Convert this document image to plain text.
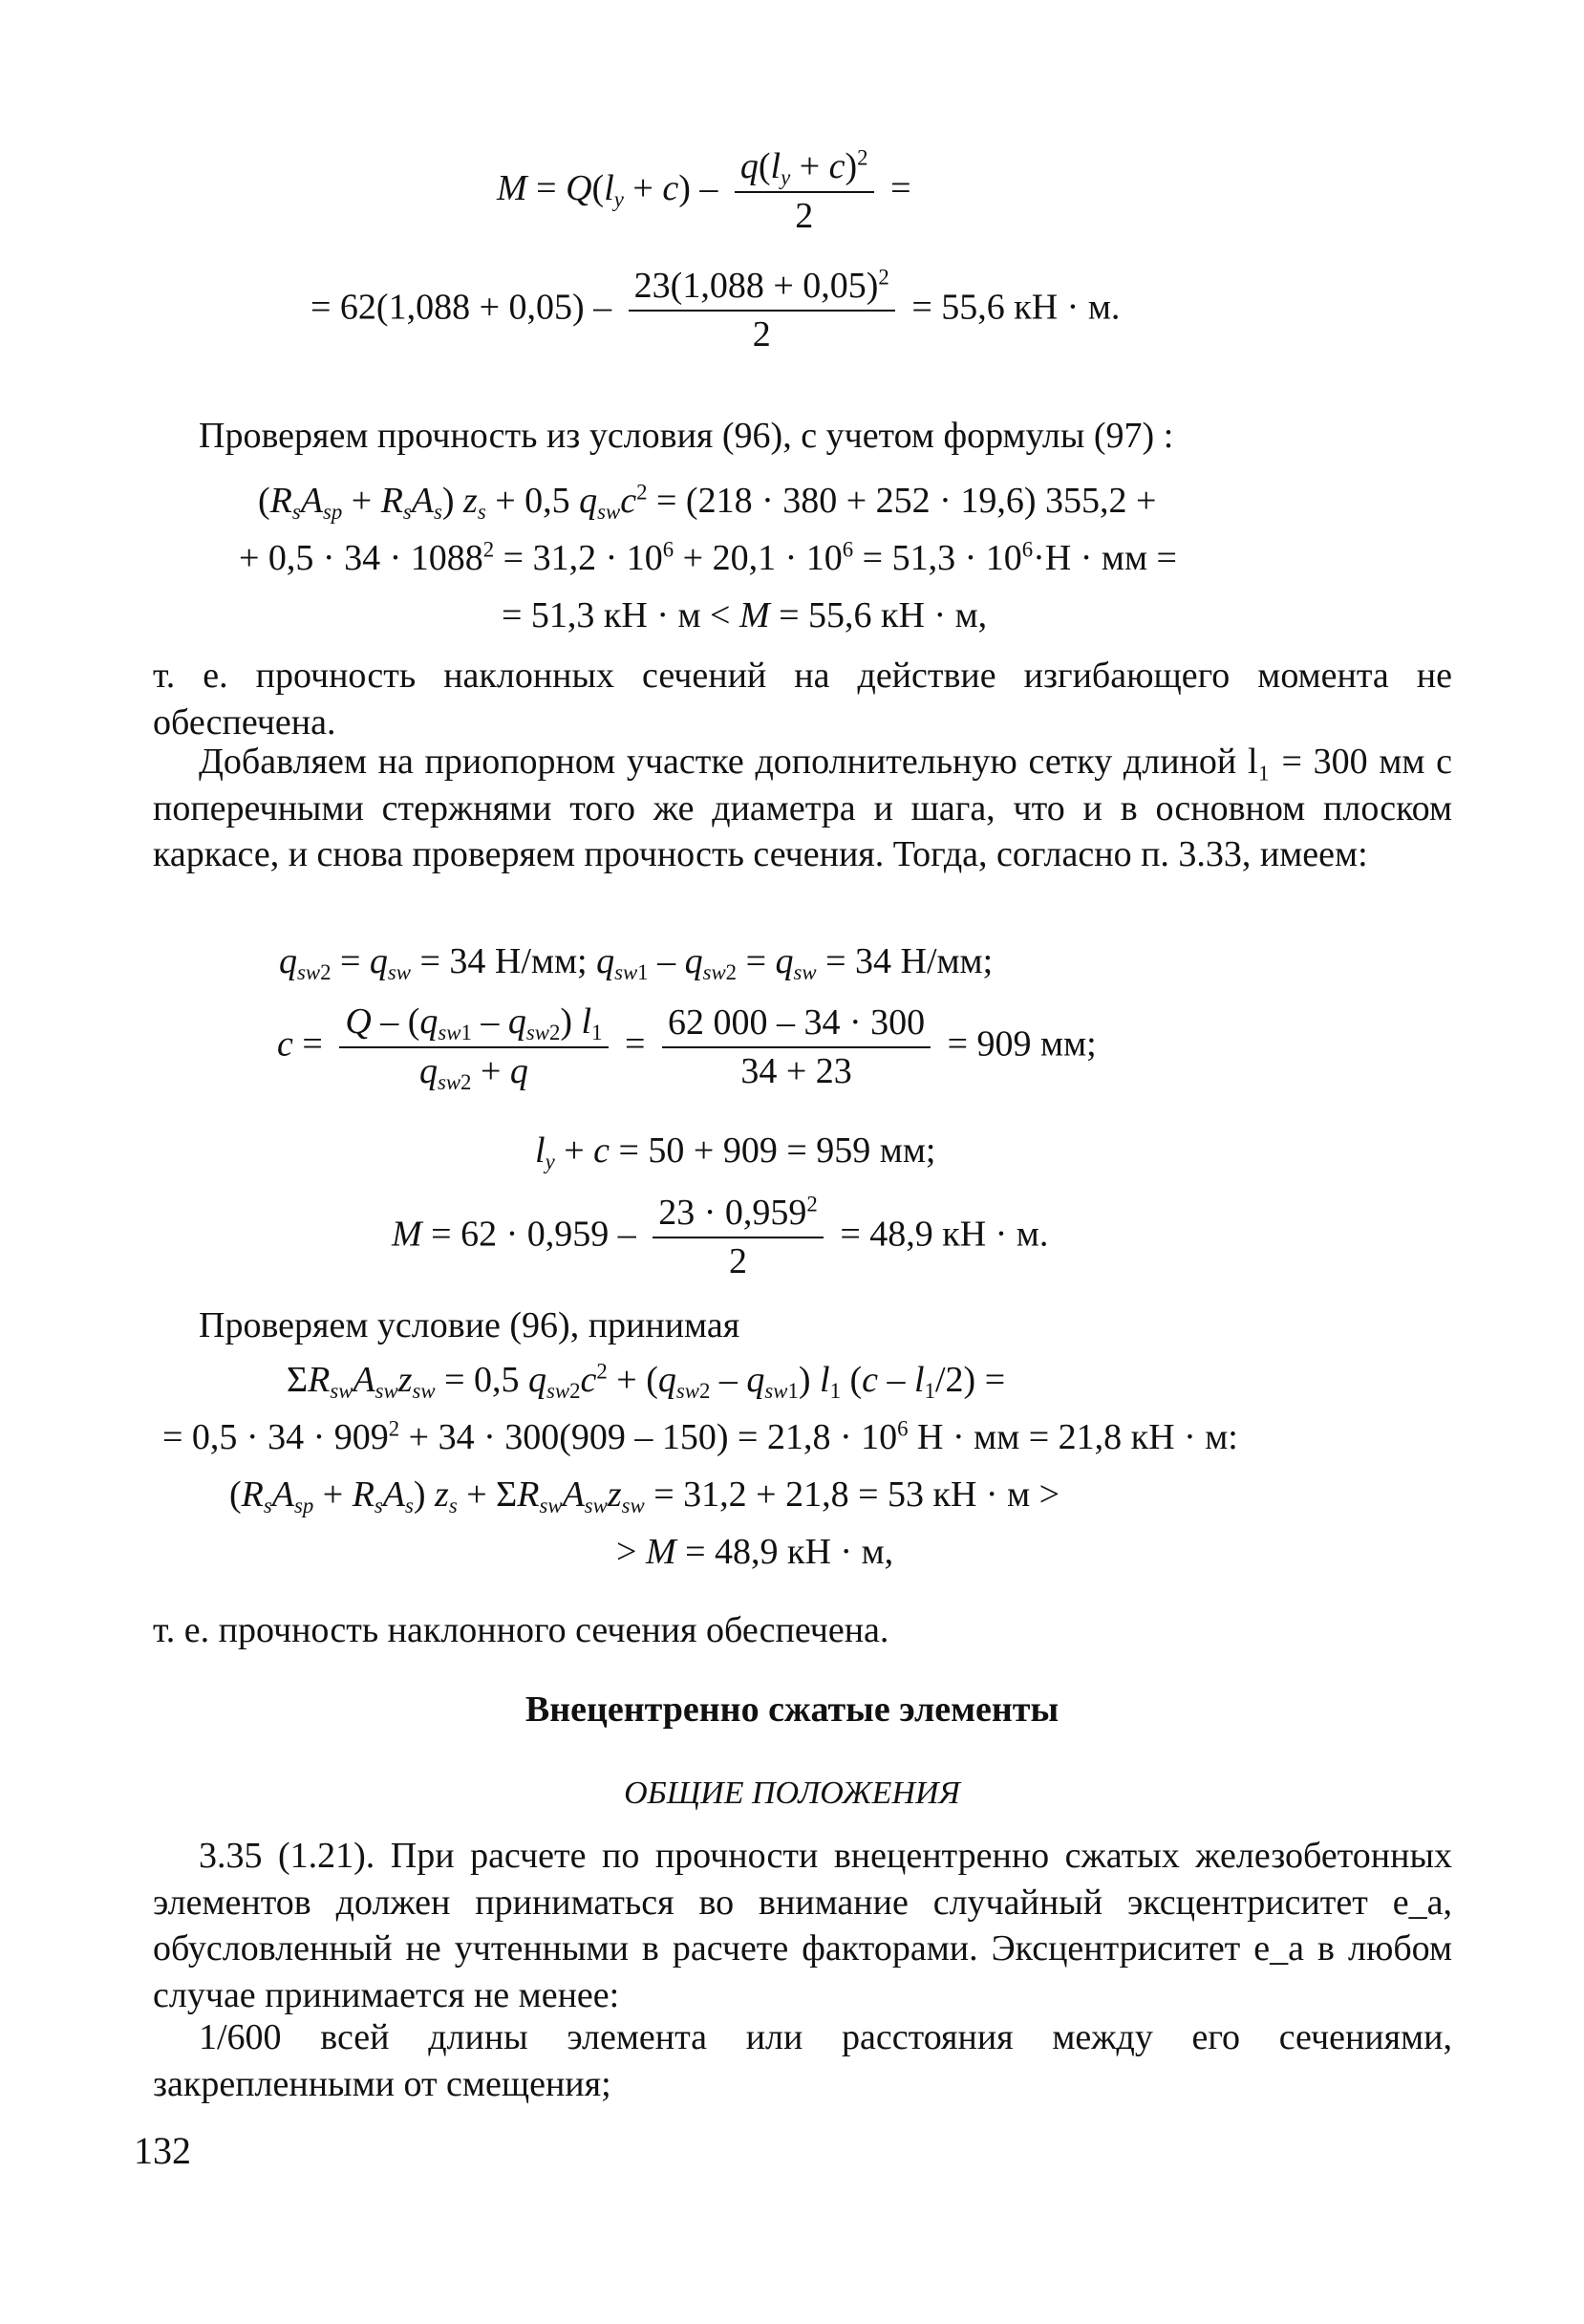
$M = Q(l_y + c) - \frac{q(l_y + c)^2}{2}$ =
= $62(1,088 + 0,05) - \frac{23(1,088 + 0,05)^2}{2} = 55,6$ кН · м.
Проверяем прочность из условия (96), с учетом формулы (97) :
$(R_sA_{sp} + R_sA_s) z_s + 0,5$ $q_{sw}c^2 = (218 \cdot 380 + 252 \cdot 19,6) 355,2$ +
+ $0,5 \cdot 34 \cdot 1088^2 = 31,2 \cdot 10^6 + 20,1 \cdot 10^6 = 51,3 \cdot 10^6\cdot Н$ · мм =
= 51,3 кН · м < M = 55,6 кН · м,
т. е. прочность наклонных сечений на действие изгибающего момента не обеспечена.
Добавляем на приопорном участке дополнительную сетку длиной l₁ = 300 мм с поперечными стержнями того же диаметра и шага, что и в основном плоском каркасе, и снова проверяем прочность сечения. Тогда, согласно п. 3.33, имеем:
$q_{sw2} = q_{sw} = 34$ Н/мм; $q_{sw1} - q_{sw2} = q_{sw} = 34$ Н/мм;
$c = \frac{Q - (q_{sw1} - q_{sw2}) l_1}{q_{sw2} + q} = \frac{62 000 - 34 \cdot 300}{34 + 23} = 909$ мм;
$l_y + c = 50 + 909 = 959$ мм;
$M = 62 \cdot 0,959 - \frac{23 \cdot 0,959^2}{2} = 48,9$ кН · м.
Проверяем условие (96), принимая
$\Sigma R_{sw}A_{sw}z_{sw} = 0,5$ $q_{sw2}c^2 + (q_{sw2} - q_{sw1})$ $l_1$ $(c - l_1/2)$ =
= $0,5 \cdot 34 \cdot 909^2 + 34 \cdot 300(909 - 150) = 21,8 \cdot 10^6$ Н · мм = 21,8 кН · м:
$(R_sA_{sp} + R_sA_s) z_s + \Sigma R_{sw}A_{sw}z_{sw} = 31,2 + 21,8 = 53$ кН · м >
> M = 48,9 кН · м,
т. е. прочность наклонного сечения обеспечена.
Внецентренно сжатые элементы
ОБЩИЕ ПОЛОЖЕНИЯ
3.35 (1.21). При расчете по прочности внецентренно сжатых железобетонных элементов должен приниматься во внимание случайный эксцентриситет e_a, обусловленный не учтенными в расчете факторами. Эксцентриситет e_a в любом случае принимается не менее:
1/600 всей длины элемента или расстояния между его сечениями, закрепленными от смещения;
132
